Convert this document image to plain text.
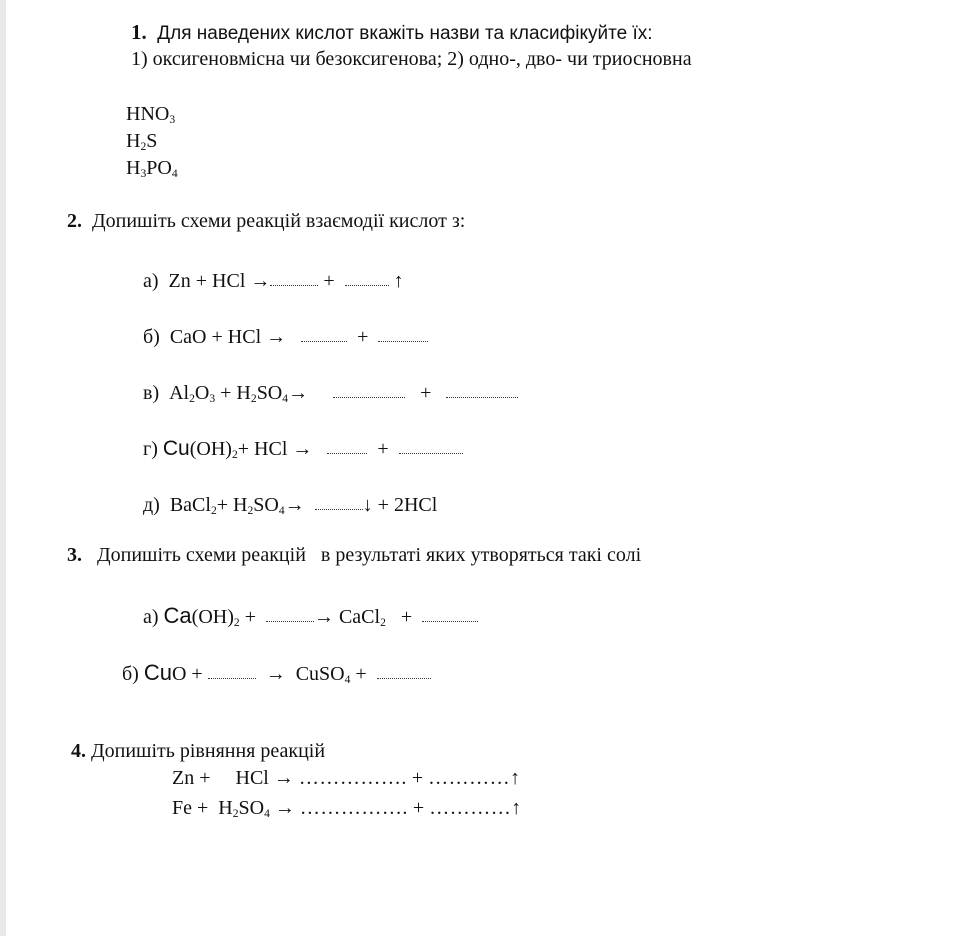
1. Для наведених кислот вкажіть назви та класифікуйте їх:
1) оксигеновмісна чи безоксигенова; 2) одно-, дво- чи триосновна
HNO3
H2S
H3PO4
2. Допишіть схеми реакцій взаємодії кислот з:
а) Zn + HCl →	+	↑
б) CaO + HCl →	+
в) Al2O3 + H2SO4→	+
г) Cu(OH)2+ HCl →	+
д) BaCl2+ H2SO4→	↓ + 2HCl
3. Допишіть схеми реакцій   в результаті яких утворяться такі солі
а) Ca(OH)2 +	→ CaCl2 +
б) CuO +	→ CuSO4 +
4. Допишіть рівняння реакцій
Zn + HCl → ……………. + …………↑
Fe + H2SO4 → ……………. + …………↑
